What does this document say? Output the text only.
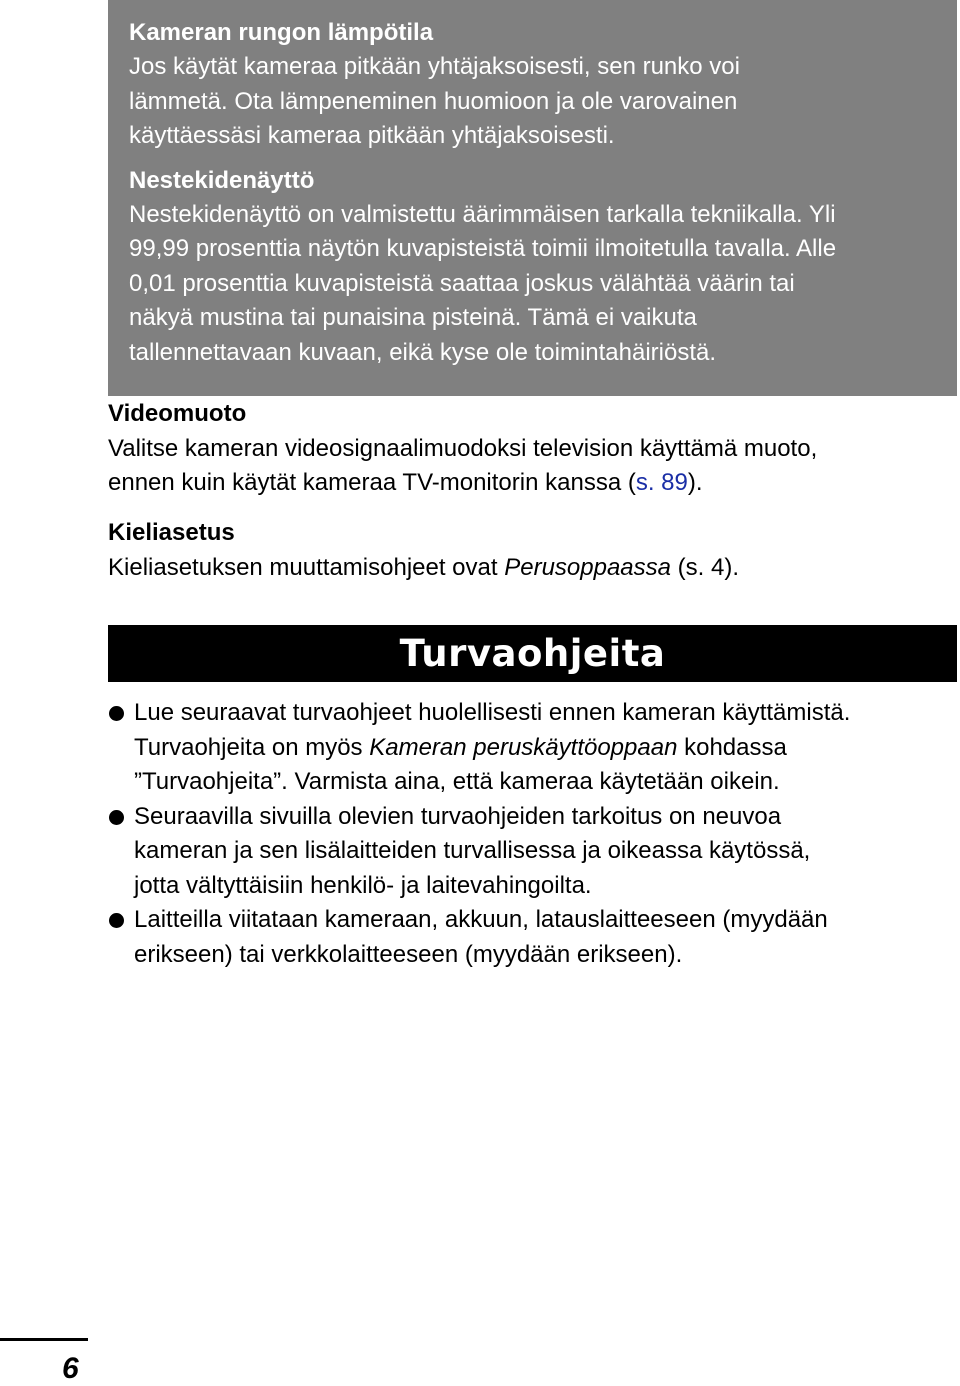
Kameran rungon lämpötila

Jos käytät kameraa pitkään yhtäjaksoisesti, sen runko voi

lämmetä. Ota lämpeneminen huomioon ja ole varovainen

käyttäessäsi kameraa pitkään yhtäjaksoisesti.

Nestekidenäyttö

Nestekidenäyttö on valmistettu äärimmäisen tarkalla tekniikalla. Yli

99,99 prosenttia näytön kuvapisteistä toimii ilmoitetulla tavalla. Alle

0,01 prosenttia kuvapisteistä saattaa joskus välähtää väärin tai

näkyä mustina tai punaisina pisteinä. Tämä ei vaikuta

tallennettavaan kuvaan, eikä kyse ole toimintahäiriöstä.

Videomuoto

Valitse kameran videosignaalimuodoksi television käyttämä muoto,

ennen kuin käytät kameraa TV-monitorin kanssa (s. 89).

Kieliasetus

Kieliasetuksen muuttamisohjeet ovat Perusoppaassa (s. 4).

Turvaohjeita

Lue seuraavat turvaohjeet huolellisesti ennen kameran käyttämistä.

Turvaohjeita on myös Kameran peruskäyttöoppaan kohdassa

”Turvaohjeita”. Varmista aina, että kameraa käytetään oikein.

Seuraavilla sivuilla olevien turvaohjeiden tarkoitus on neuvoa

kameran ja sen lisälaitteiden turvallisessa ja oikeassa käytössä,

jotta vältyttäisiin henkilö- ja laitevahingoilta.

Laitteilla viitataan kameraan, akkuun, latauslaitteeseen (myydään

erikseen) tai verkkolaitteeseen (myydään erikseen).

6
